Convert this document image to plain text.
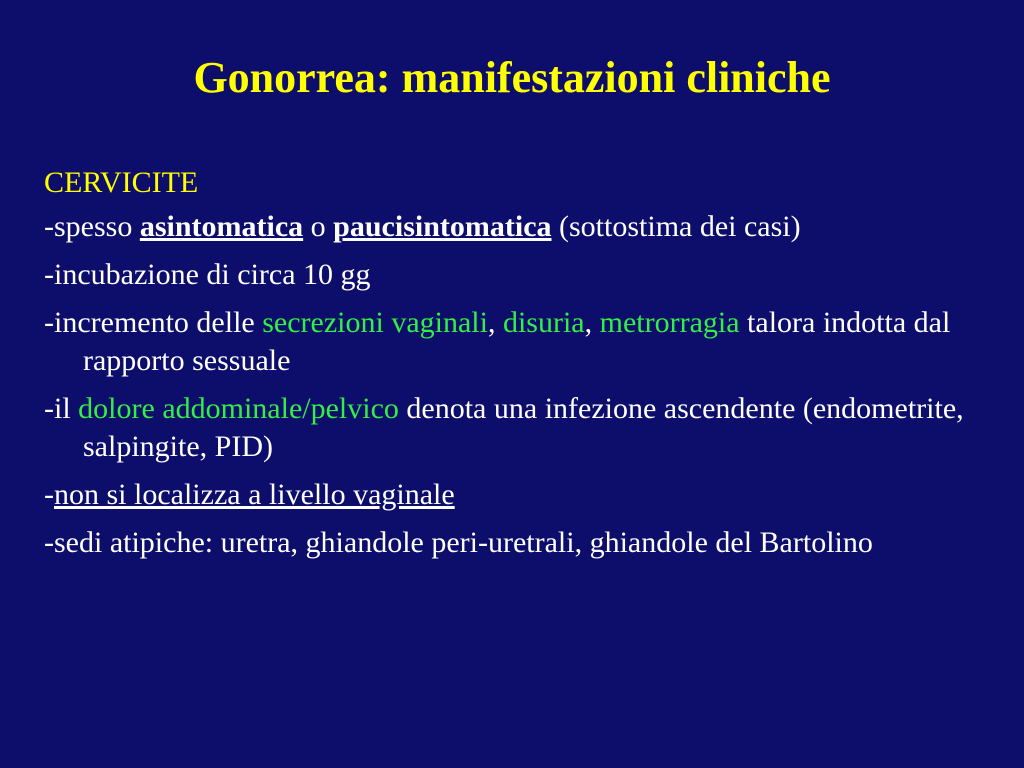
Gonorrea: manifestazioni cliniche
CERVICITE
-spesso asintomatica o paucisintomatica (sottostima dei casi)
-incubazione di circa 10 gg
-incremento delle secrezioni vaginali, disuria, metrorragia talora indotta dal rapporto sessuale
-il dolore addominale/pelvico denota una infezione ascendente (endometrite, salpingite, PID)
-non si localizza a livello vaginale
-sedi atipiche: uretra, ghiandole peri-uretrali, ghiandole del Bartolino
